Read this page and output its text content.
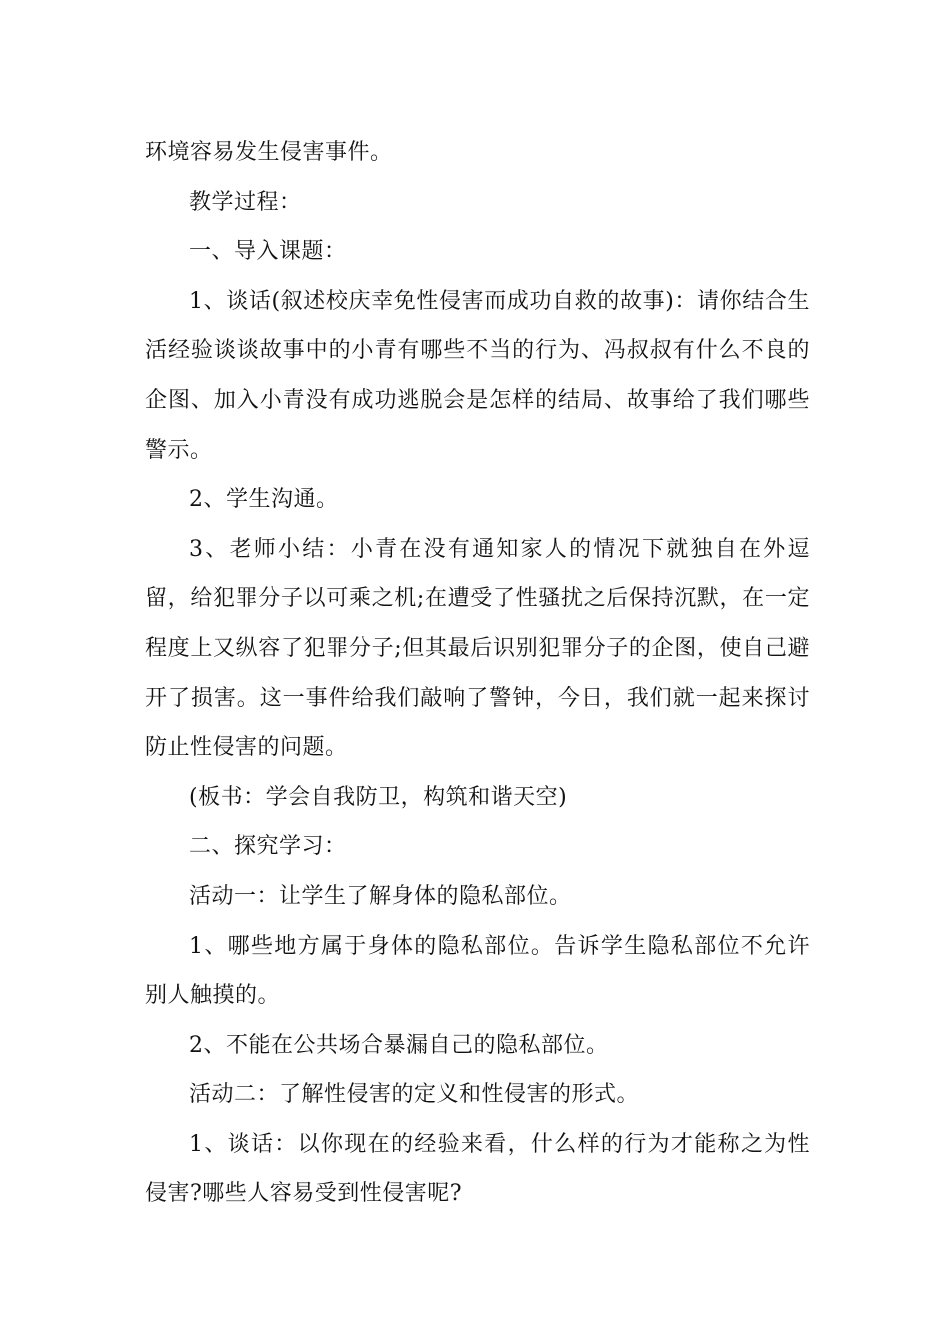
环境容易发生侵害事件。

教学过程：

一、导入课题：

1、谈话(叙述校庆幸免性侵害而成功自救的故事)：请你结合生活经验谈谈故事中的小青有哪些不当的行为、冯叔叔有什么不良的企图、加入小青没有成功逃脱会是怎样的结局、故事给了我们哪些警示。

2、学生沟通。

3、老师小结：小青在没有通知家人的情况下就独自在外逗留，给犯罪分子以可乘之机;在遭受了性骚扰之后保持沉默，在一定程度上又纵容了犯罪分子;但其最后识别犯罪分子的企图，使自己避开了损害。这一事件给我们敲响了警钟，今日，我们就一起来探讨防止性侵害的问题。

(板书：学会自我防卫，构筑和谐天空)

二、探究学习：

活动一：让学生了解身体的隐私部位。

1、哪些地方属于身体的隐私部位。告诉学生隐私部位不允许别人触摸的。

2、不能在公共场合暴漏自己的隐私部位。

活动二：了解性侵害的定义和性侵害的形式。

1、谈话：以你现在的经验来看，什么样的行为才能称之为性侵害?哪些人容易受到性侵害呢?
